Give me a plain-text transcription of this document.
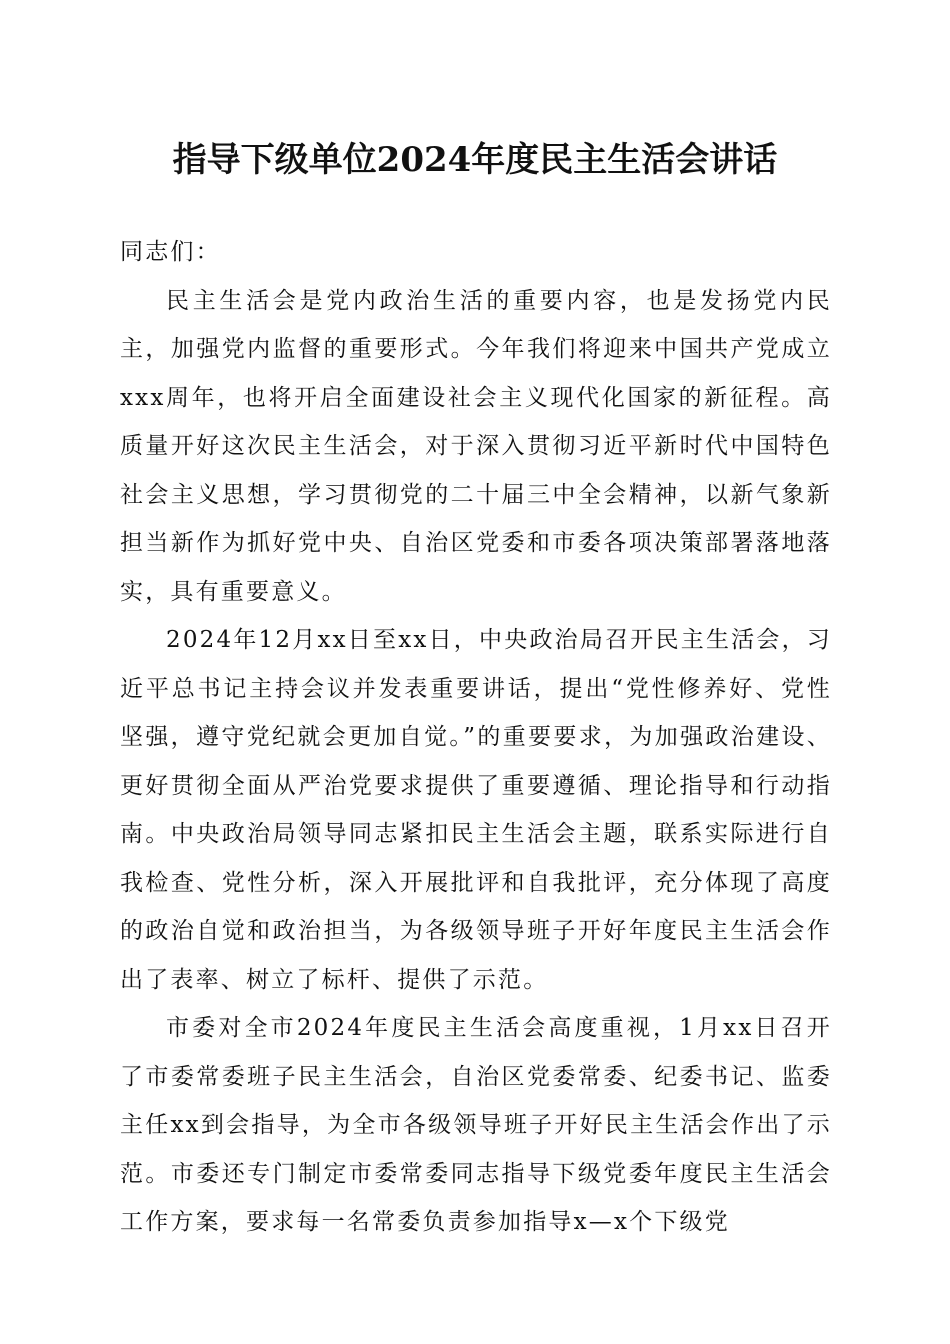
指导下级单位2024年度民主生活会讲话

同志们：

民主生活会是党内政治生活的重要内容，也是发扬党内民主，加强党内监督的重要形式。今年我们将迎来中国共产党成立xxx周年，也将开启全面建设社会主义现代化国家的新征程。高质量开好这次民主生活会，对于深入贯彻习近平新时代中国特色社会主义思想，学习贯彻党的二十届三中全会精神，以新气象新担当新作为抓好党中央、自治区党委和市委各项决策部署落地落实，具有重要意义。

2024年12月xx日至xx日，中央政治局召开民主生活会，习近平总书记主持会议并发表重要讲话，提出“党性修养好、党性坚强，遵守党纪就会更加自觉。”的重要要求，为加强政治建设、更好贯彻全面从严治党要求提供了重要遵循、理论指导和行动指南。中央政治局领导同志紧扣民主生活会主题，联系实际进行自我检查、党性分析，深入开展批评和自我批评，充分体现了高度的政治自觉和政治担当，为各级领导班子开好年度民主生活会作出了表率、树立了标杆、提供了示范。

市委对全市2024年度民主生活会高度重视，1月xx日召开了市委常委班子民主生活会，自治区党委常委、纪委书记、监委主任xx到会指导，为全市各级领导班子开好民主生活会作出了示范。市委还专门制定市委常委同志指导下级党委年度民主生活会工作方案，要求每一名常委负责参加指导x—x个下级党
